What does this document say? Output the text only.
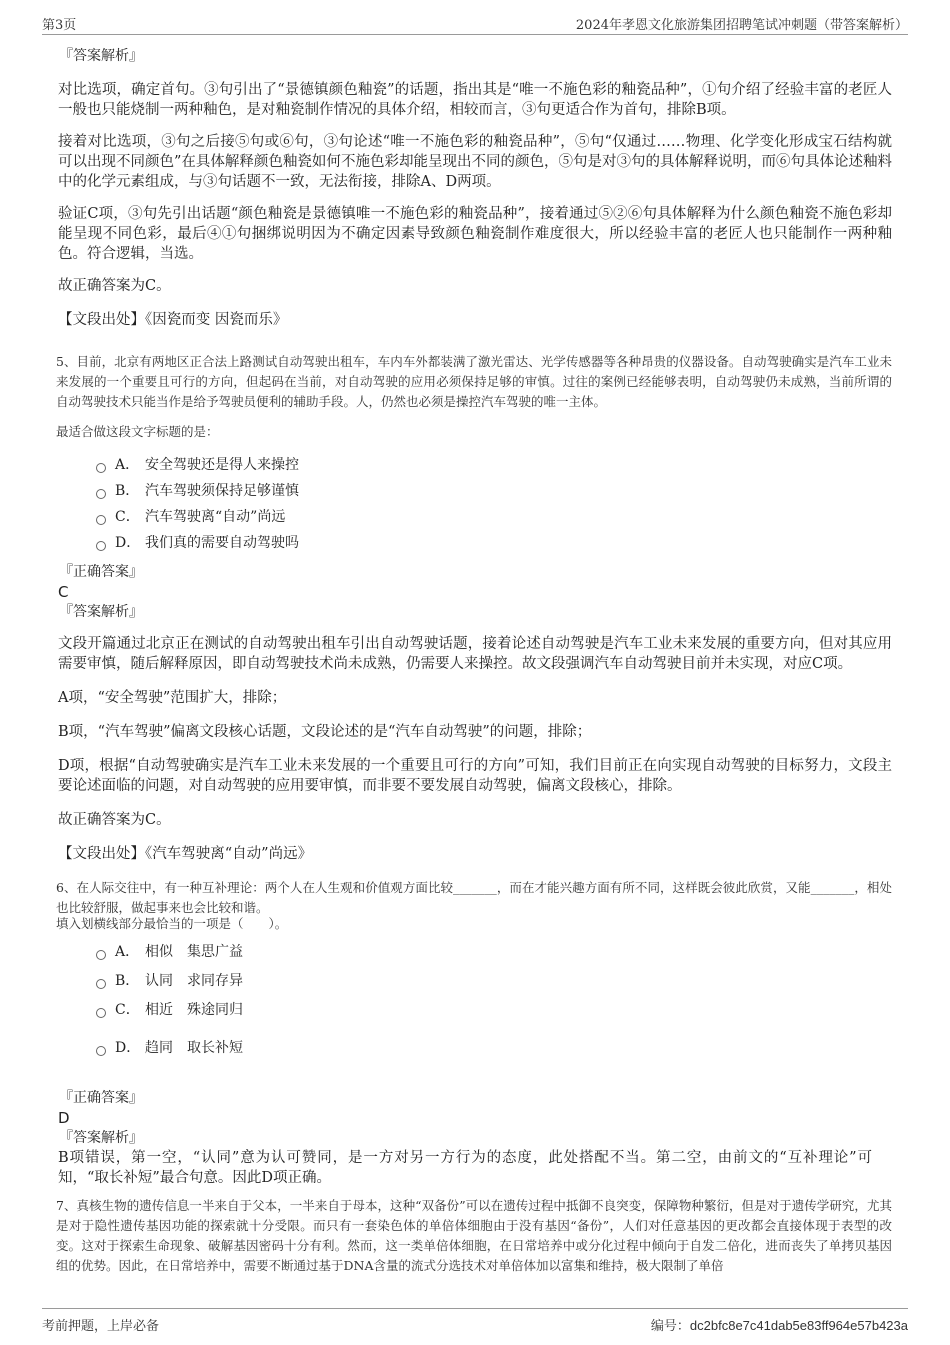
第3页	2024年孝恩文化旅游集团招聘笔试冲刺题（带答案解析）

『答案解析』

对比选项，确定首句。③句引出了“景德镇颜色釉瓷”的话题，指出其是“唯一不施色彩的釉瓷品种”，①句介绍了经验丰富的老匠人一般也只能烧制一两种釉色，是对釉瓷制作情况的具体介绍，相较而言，③句更适合作为首句，排除B项。

接着对比选项，③句之后接⑤句或⑥句，③句论述“唯一不施色彩的釉瓷品种”，⑤句“仅通过……物理、化学变化形成宝石结构就可以出现不同颜色”在具体解释颜色釉瓷如何不施色彩却能呈现出不同的颜色，⑤句是对③句的具体解释说明，而⑥句具体论述釉料中的化学元素组成，与③句话题不一致，无法衔接，排除A、D两项。

验证C项，③句先引出话题“颜色釉瓷是景德镇唯一不施色彩的釉瓷品种”，接着通过⑤②⑥句具体解释为什么颜色釉瓷不施色彩却能呈现不同色彩，最后④①句捆绑说明因为不确定因素导致颜色釉瓷制作难度很大，所以经验丰富的老匠人也只能制作一两种釉色。符合逻辑，当选。

故正确答案为C。

【文段出处】《因瓷而变 因瓷而乐》

5、目前，北京有两地区正合法上路测试自动驾驶出租车，车内车外都装满了激光雷达、光学传感器等各种昂贵的仪器设备。自动驾驶确实是汽车工业未来发展的一个重要且可行的方向，但起码在当前，对自动驾驶的应用必须保持足够的审慎。过往的案例已经能够表明，自动驾驶仍未成熟，当前所谓的自动驾驶技术只能当作是给予驾驶员便利的辅助手段。人，仍然也必须是操控汽车驾驶的唯一主体。

最适合做这段文字标题的是：

A． 安全驾驶还是得人来操控
B． 汽车驾驶须保持足够谨慎
C． 汽车驾驶离“自动”尚远
D． 我们真的需要自动驾驶吗

『正确答案』

C

『答案解析』

文段开篇通过北京正在测试的自动驾驶出租车引出自动驾驶话题，接着论述自动驾驶是汽车工业未来发展的重要方向，但对其应用需要审慎，随后解释原因，即自动驾驶技术尚未成熟，仍需要人来操控。故文段强调汽车自动驾驶目前并未实现，对应C项。

A项，“安全驾驶”范围扩大，排除；

B项，“汽车驾驶”偏离文段核心话题，文段论述的是“汽车自动驾驶”的问题，排除；

D项，根据“自动驾驶确实是汽车工业未来发展的一个重要且可行的方向”可知，我们目前正在向实现自动驾驶的目标努力，文段主要论述面临的问题，对自动驾驶的应用要审慎，而非要不要发展自动驾驶，偏离文段核心，排除。

故正确答案为C。

【文段出处】《汽车驾驶离“自动”尚远》

6、在人际交往中，有一种互补理论：两个人在人生观和价值观方面比较_______，而在才能兴趣方面有所不同，这样既会彼此欣赏，又能_______，相处也比较舒服，做起事来也会比较和谐。

填入划横线部分最恰当的一项是（　　）。

A． 相似　集思广益
B． 认同　求同存异
C． 相近　殊途同归
D． 趋同　取长补短

『正确答案』

D

『答案解析』

B项错误，第一空，“认同”意为认可赞同，是一方对另一方行为的态度，此处搭配不当。第二空，由前文的“互补理论”可知，“取长补短”最合句意。因此D项正确。

7、真核生物的遗传信息一半来自于父本，一半来自于母本，这种“双备份”可以在遗传过程中抵御不良突变，保障物种繁衍，但是对于遗传学研究，尤其是对于隐性遗传基因功能的探索就十分受限。而只有一套染色体的单倍体细胞由于没有基因“备份”，人们对任意基因的更改都会直接体现于表型的改变。这对于探索生命现象、破解基因密码十分有利。然而，这一类单倍体细胞，在日常培养中或分化过程中倾向于自发二倍化，进而丧失了单拷贝基因组的优势。因此，在日常培养中，需要不断通过基于DNA含量的流式分选技术对单倍体加以富集和维持，极大限制了单倍

考前押题，上岸必备	编号：dc2bfc8e7c41dab5e83ff964e57b423a
